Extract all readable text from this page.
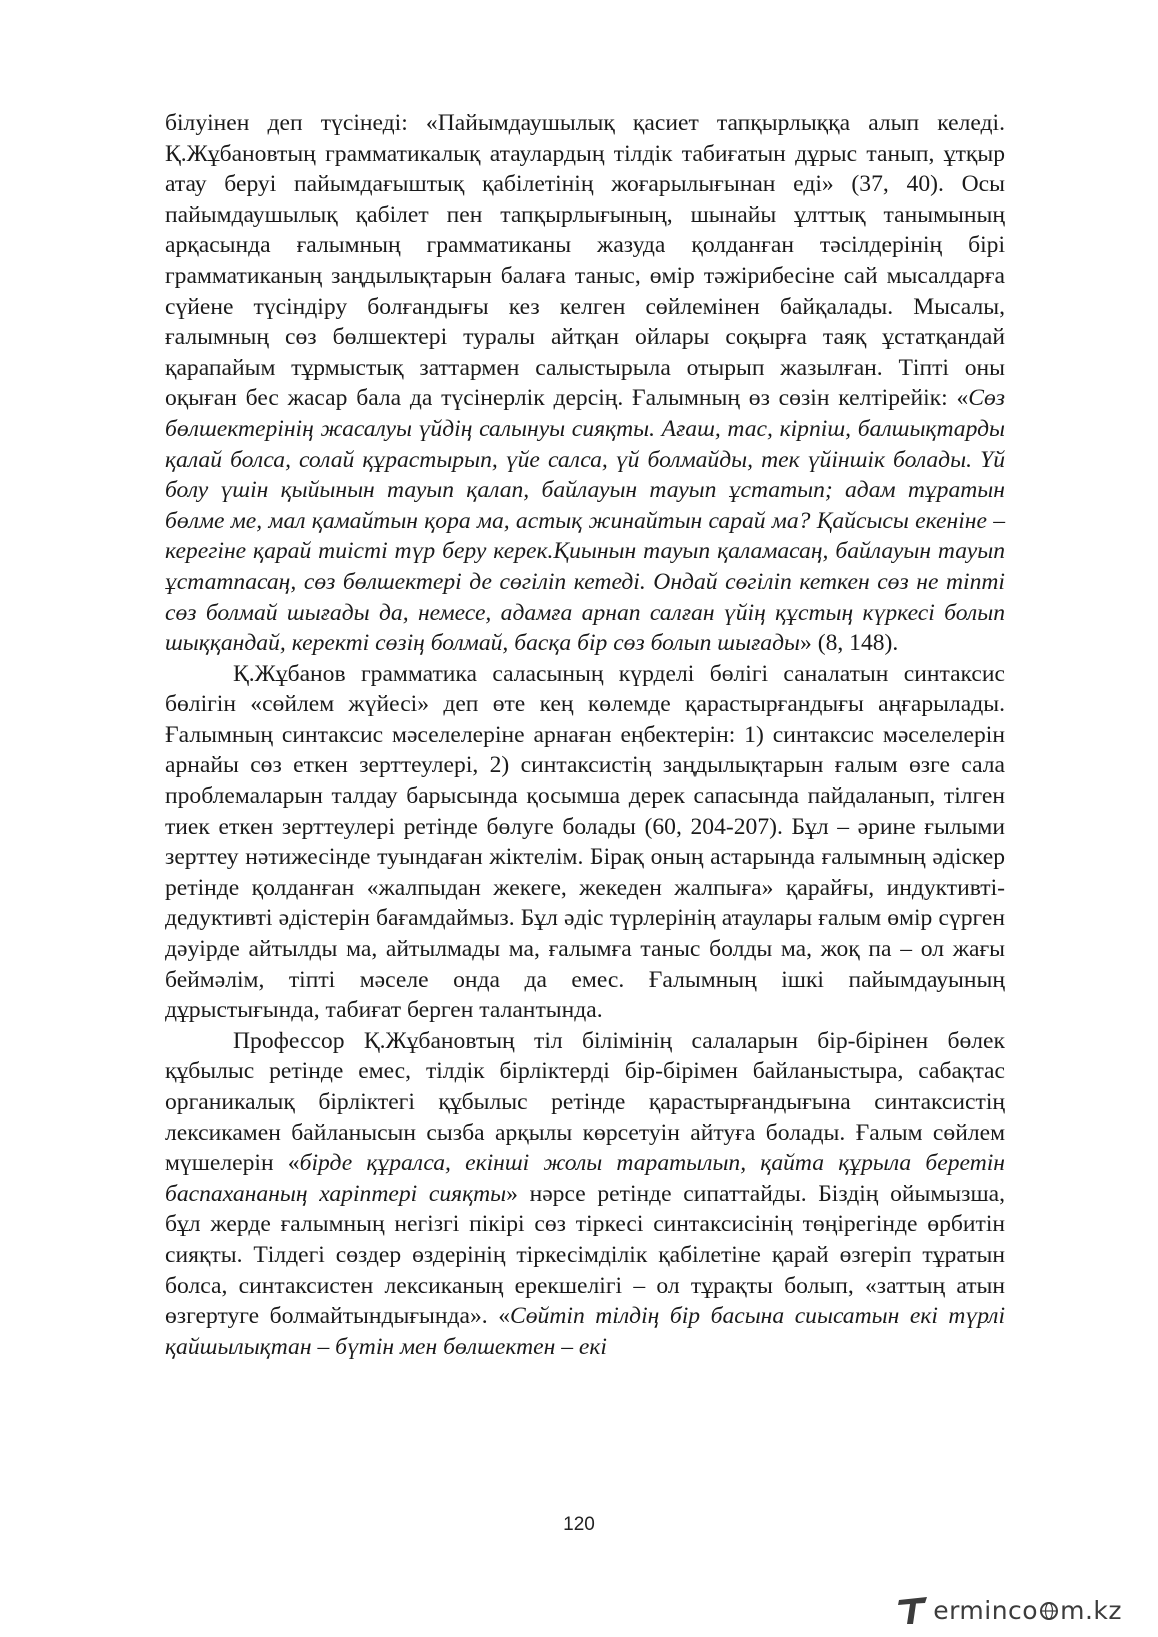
білуінен деп түсінеді: «Пайымдаушылық қасиет тапқырлыққа алып келеді. Қ.Жұбановтың грамматикалық атаулардың тілдік табиғатын дұрыс танып, ұтқыр атау беруі пайымдағыштық қабілетінің жоғарылығынан еді» (37, 40). Осы пайымдаушылық қабілет пен тапқырлығының, шынайы ұлттық танымының арқасында ғалымның грамматиканы жазуда қолданған тәсілдерінің бірі грамматиканың заңдылықтарын балаға таныс, өмір тәжірибесіне сай мысалдарға сүйене түсіндіру болғандығы кез келген сөйлемінен байқалады. Мысалы, ғалымның сөз бөлшектері туралы айтқан ойлары соқырға таяқ ұстатқандай қарапайым тұрмыстық заттармен салыстырыла отырып жазылған. Тіпті оны оқыған бес жасар бала да түсінерлік дерсің. Ғалымның өз сөзін келтірейік: «Сөз бөлшектерінің жасалуы үйдің салынуы сияқты. Ағаш, тас, кірпіш, балшықтарды қалай болса, солай құрастырып, үйе салса, үй болмайды, тек үйіншік болады. Үй болу үшін қыйынын тауып қалап, байлауын тауып ұстатып; адам тұратын бөлме ме, мал қамайтын қора ма, астық жинайтын сарай ма? Қайсысы екеніне – керегіне қарай тиісті түр беру керек.Қиынын тауып қаламасаң, байлауын тауып ұстатпасаң, сөз бөлшектері де сөгіліп кетеді. Ондай сөгіліп кеткен сөз не тіпті сөз болмай шығады да, немесе, адамға арнап салған үйің құстың күркесі болып шыққандай, керекті сөзің болмай, басқа бір сөз болып шығады» (8, 148).

Қ.Жұбанов грамматика саласының күрделі бөлігі саналатын синтаксис бөлігін «сөйлем жүйесі» деп өте кең көлемде қарастырғандығы аңғарылады. Ғалымның синтаксис мәселелеріне арнаған еңбектерін: 1) синтаксис мәселелерін арнайы сөз еткен зерттеулері, 2) синтаксистің заңдылықтарын ғалым өзге сала проблемаларын талдау барысында қосымша дерек сапасында пайдаланып, тілген тиек еткен зерттеулері ретінде бөлуге болады (60, 204-207). Бұл – әрине ғылыми зерттеу нәтижесінде туындаған жіктелім. Бірақ оның астарында ғалымның әдіскер ретінде қолданған «жалпыдан жекеге, жекеден жалпыға» қарайғы, индуктивті-дедуктивті әдістерін бағамдаймыз. Бұл әдіс түрлерінің атаулары ғалым өмір сүрген дәуірде айтылды ма, айтылмады ма, ғалымға таныс болды ма, жоқ па – ол жағы беймәлім, тіпті мәселе онда да емес. Ғалымның ішкі пайымдауының дұрыстығында, табиғат берген талантында.

Профессор Қ.Жұбановтың тіл білімінің салаларын бір-бірінен бөлек құбылыс ретінде емес, тілдік бірліктерді бір-бірімен байланыстыра, сабақтас органикалық бірліктегі құбылыс ретінде қарастырғандығына синтаксистің лексикамен байланысын сызба арқылы көрсетуін айтуға болады. Ғалым сөйлем мүшелерін «бірде құралса, екінші жолы таратылып, қайта құрыла беретін баспахананың харіптері сияқты» нәрсе ретінде сипаттайды. Біздің ойымызша, бұл жерде ғалымның негізгі пікірі сөз тіркесі синтаксисінің төңірегінде өрбитін сияқты. Тілдегі сөздер өздерінің тіркесімділік қабілетіне қарай өзгеріп тұратын болса, синтаксистен лексиканың ерекшелігі – ол тұрақты болып, «заттың атын өзгертуге болмайтындығында». «Сөйтіп тілдің бір басына сиысатын екі түрлі қайшылықтан – бүтін мен бөлшектен – екі

120
ermincо m.kz
